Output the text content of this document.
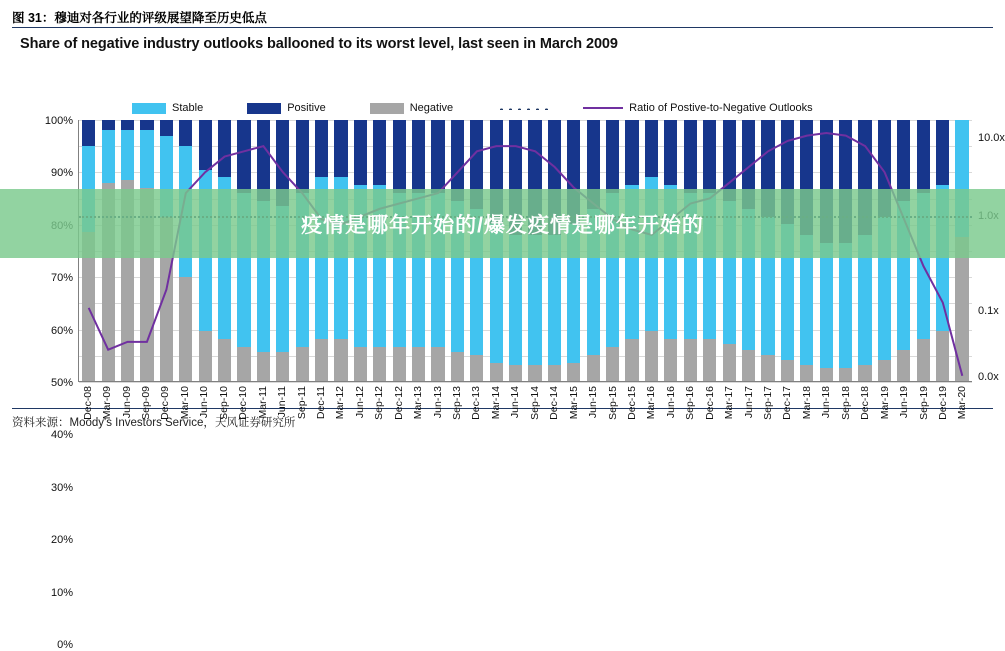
图 31：穆迪对各行业的评级展望降至历史低点
Share of negative industry outlooks ballooned to its worst level, last seen in March 2009
Stable	Positive	Negative	Ratio of Postive-to-Negative Outlooks
0%
10%
20%
30%
40%
50%
60%
70%
90%
100%
0.0x
0.1x
10.0x
Dec-08 Mar-09 Jun-09 Sep-09 Dec-09 Mar-10 Jun-10 Sep-10 Dec-10 Mar-11 Jun-11 Sep-11 Dec-11 Mar-12 Jun-12 Sep-12 Dec-12 Mar-13 Jun-13 Sep-13 Dec-13 Mar-14 Jun-14 Sep-14 Dec-14 Mar-15 Jun-15 Sep-15 Dec-15 Mar-16 Jun-16 Sep-16 Dec-16 Mar-17 Jun-17 Sep-17 Dec-17 Mar-18 Jun-18 Sep-18 Dec-18 Mar-19 Jun-19 Sep-19 Dec-19 Mar-20
资料来源：Moody's Investors Service，天风证券研究所
疫情是哪年开始的/爆发疫情是哪年开始的
